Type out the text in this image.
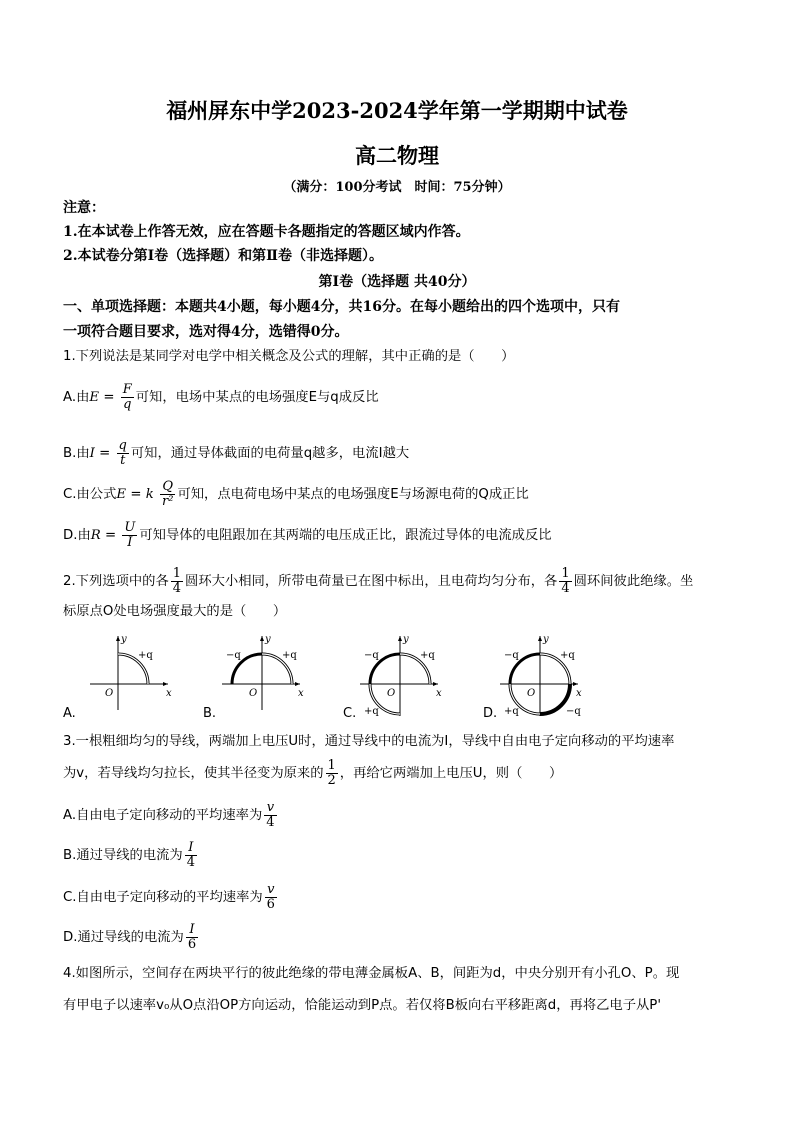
福州屏东中学2023-2024学年第一学期期中试卷
高二物理
（满分：100分考试　时间：75分钟）
注意：
1.在本试卷上作答无效，应在答题卡各题指定的答题区域内作答。
2.本试卷分第Ⅰ卷（选择题）和第Ⅱ卷（非选择题）。
第Ⅰ卷（选择题 共40分）
一、单项选择题：本题共4小题，每小题4分，共16分。在每小题给出的四个选项中，只有
一项符合题目要求，选对得4分，选错得0分。
1.下列说法是某同学对电学中相关概念及公式的理解，其中正确的是（　　）
A.由$E = \frac{F}{q}$ 可知，电场中某点的电场强度E与q成反比
B.由$I = \frac{q}{t}$ 可知，通过导体截面的电荷量q越多，电流I越大
C.由公式E = k $\frac{Q}{\text{r²}}$ 可知，点电荷电场中某点的电场强度E与场源电荷的Q成正比
D.由$R = \frac{U}{I}$ 可知导体的电阻跟加在其两端的电压成正比，跟流过导体的电流成反比
2.下列选项中的各 $\frac{1}{4}$ 圆环大小相同，所带电荷量已在图中标出，且电荷均匀分布，各 $\frac{1}{4}$ 圆环间彼此绝缘。坐
标原点O处电场强度最大的是（　　）
y
+q
O	x
y
−q	+q
O	x
y
−q	+q
+q
O	x
y
−q	+q
+q	−q
O	x
A.	B.	C.	D.
3.一根粗细均匀的导线，两端加上电压U时，通过导线中的电流为I，导线中自由电子定向移动的平均速率
为v，若导线均匀拉长，使其半径变为原来的 $\frac{1}{2}$ ，再给它两端加上电压U，则（　　）
A.自由电子定向移动的平均速率为 $\frac{v}{4}$
B.通过导线的电流为 $\frac{I}{4}$
C.自由电子定向移动的平均速率为 $\frac{v}{6}$
D.通过导线的电流为 $\frac{I}{6}$
4.如图所示，空间存在两块平行的彼此绝缘的带电薄金属板A、B，间距为d，中央分别开有小孔O、P。现
有甲电子以速率v₀从O点沿OP方向运动，恰能运动到P点。若仅将B板向右平移距离d，再将乙电子从P'
